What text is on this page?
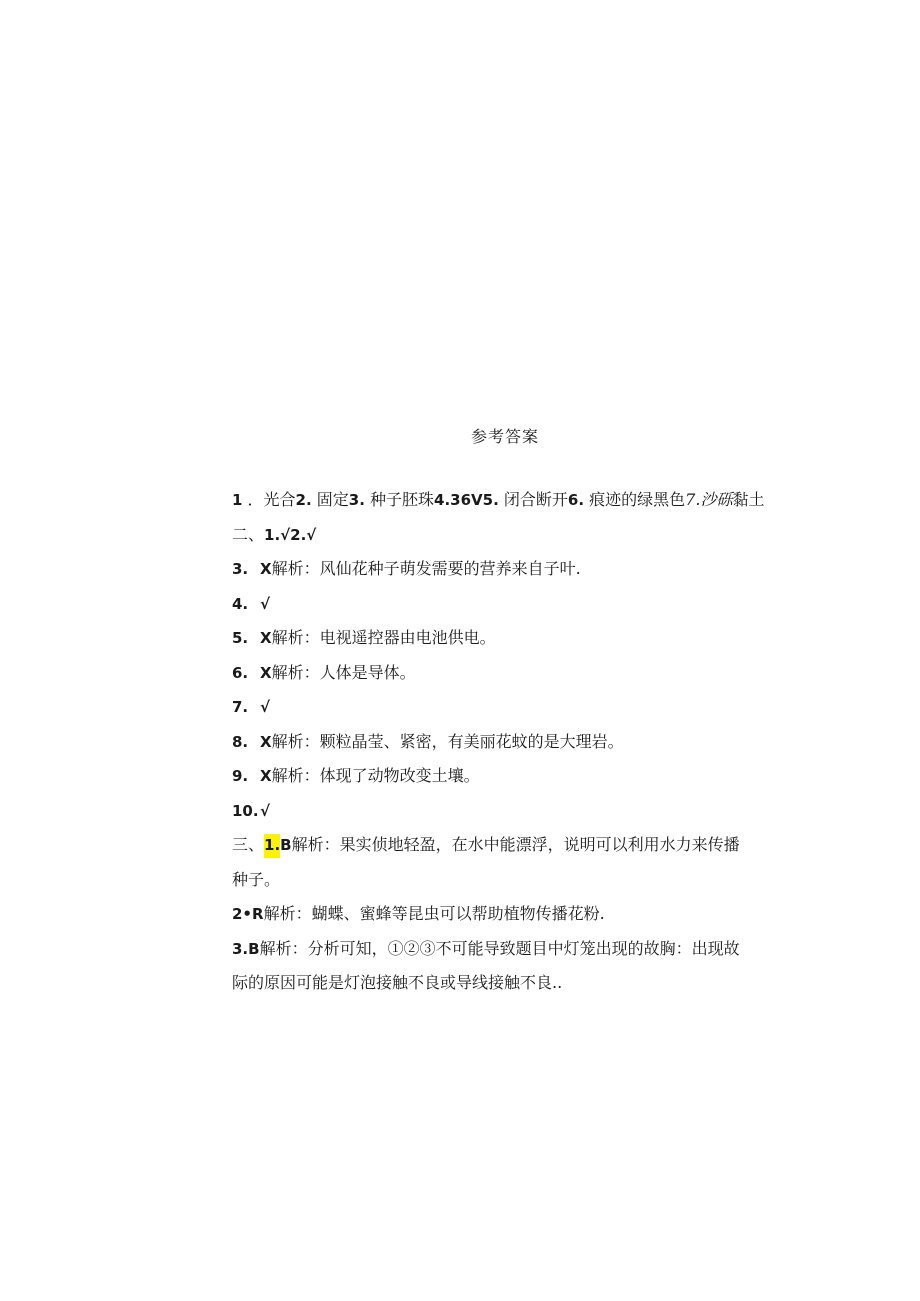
参考答案
1 ．光合2. 固定3. 种子胚珠4.36V5. 闭合断开6. 痕迹的绿黑色7.沙砾黏土
二、1.√2.√
3. X解析：风仙花种子萌发需要的营养来自子叶.
4. √
5. X解析：电视遥控器由电池供电。
6. X解析：人体是导体。
7. √
8. X解析：颗粒晶莹、紧密，有美丽花蚊的是大理岩。
9. X解析：体现了动物改变土壤。
10.√
三、1.B解析：果实侦地轻盈，在水中能漂浮，说明可以利用水力来传播
种子。
2•R解析：蝴蝶、蜜蜂等昆虫可以帮助植物传播花粉.
3.B解析：分析可知，①②③不可能导致题目中灯笼出现的故胸：出现故
际的原因可能是灯泡接触不良或导线接触不良..
